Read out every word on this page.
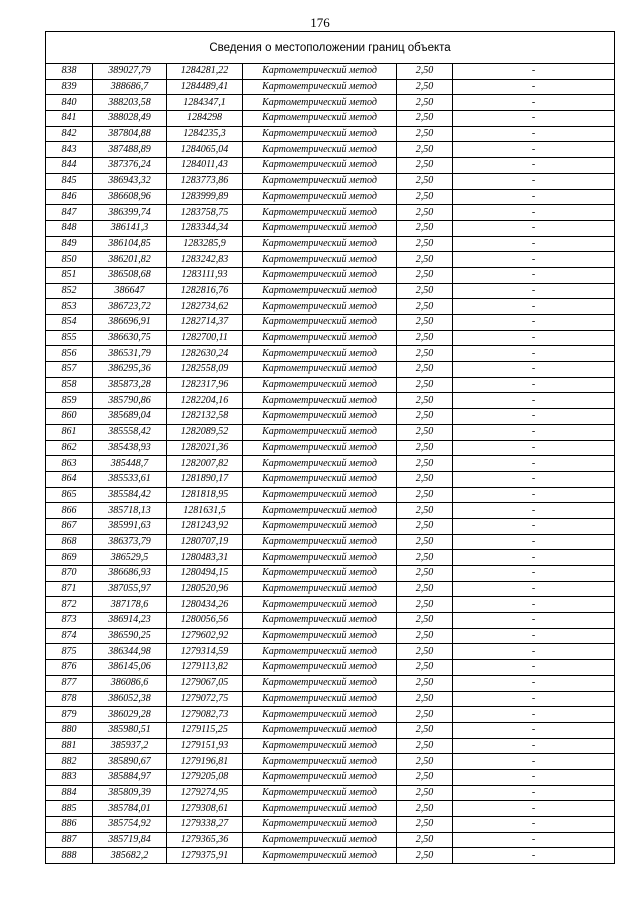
176
Сведения о местоположении границ объекта					
838	389027,79	1284281,22	Картометрический метод	2,50	-
839	388686,7	1284489,41	Картометрический метод	2,50	-
840	388203,58	1284347,1	Картометрический метод	2,50	-
841	388028,49	1284298	Картометрический метод	2,50	-
842	387804,88	1284235,3	Картометрический метод	2,50	-
843	387488,89	1284065,04	Картометрический метод	2,50	-
844	387376,24	1284011,43	Картометрический метод	2,50	-
845	386943,32	1283773,86	Картометрический метод	2,50	-
846	386608,96	1283999,89	Картометрический метод	2,50	-
847	386399,74	1283758,75	Картометрический метод	2,50	-
848	386141,3	1283344,34	Картометрический метод	2,50	-
849	386104,85	1283285,9	Картометрический метод	2,50	-
850	386201,82	1283242,83	Картометрический метод	2,50	-
851	386508,68	1283111,93	Картометрический метод	2,50	-
852	386647	1282816,76	Картометрический метод	2,50	-
853	386723,72	1282734,62	Картометрический метод	2,50	-
854	386696,91	1282714,37	Картометрический метод	2,50	-
855	386630,75	1282700,11	Картометрический метод	2,50	-
856	386531,79	1282630,24	Картометрический метод	2,50	-
857	386295,36	1282558,09	Картометрический метод	2,50	-
858	385873,28	1282317,96	Картометрический метод	2,50	-
859	385790,86	1282204,16	Картометрический метод	2,50	-
860	385689,04	1282132,58	Картометрический метод	2,50	-
861	385558,42	1282089,52	Картометрический метод	2,50	-
862	385438,93	1282021,36	Картометрический метод	2,50	-
863	385448,7	1282007,82	Картометрический метод	2,50	-
864	385533,61	1281890,17	Картометрический метод	2,50	-
865	385584,42	1281818,95	Картометрический метод	2,50	-
866	385718,13	1281631,5	Картометрический метод	2,50	-
867	385991,63	1281243,92	Картометрический метод	2,50	-
868	386373,79	1280707,19	Картометрический метод	2,50	-
869	386529,5	1280483,31	Картометрический метод	2,50	-
870	386686,93	1280494,15	Картометрический метод	2,50	-
871	387055,97	1280520,96	Картометрический метод	2,50	-
872	387178,6	1280434,26	Картометрический метод	2,50	-
873	386914,23	1280056,56	Картометрический метод	2,50	-
874	386590,25	1279602,92	Картометрический метод	2,50	-
875	386344,98	1279314,59	Картометрический метод	2,50	-
876	386145,06	1279113,82	Картометрический метод	2,50	-
877	386086,6	1279067,05	Картометрический метод	2,50	-
878	386052,38	1279072,75	Картометрический метод	2,50	-
879	386029,28	1279082,73	Картометрический метод	2,50	-
880	385980,51	1279115,25	Картометрический метод	2,50	-
881	385937,2	1279151,93	Картометрический метод	2,50	-
882	385890,67	1279196,81	Картометрический метод	2,50	-
883	385884,97	1279205,08	Картометрический метод	2,50	-
884	385809,39	1279274,95	Картометрический метод	2,50	-
885	385784,01	1279308,61	Картометрический метод	2,50	-
886	385754,92	1279338,27	Картометрический метод	2,50	-
887	385719,84	1279365,36	Картометрический метод	2,50	-
888	385682,2	1279375,91	Картометрический метод	2,50	-
